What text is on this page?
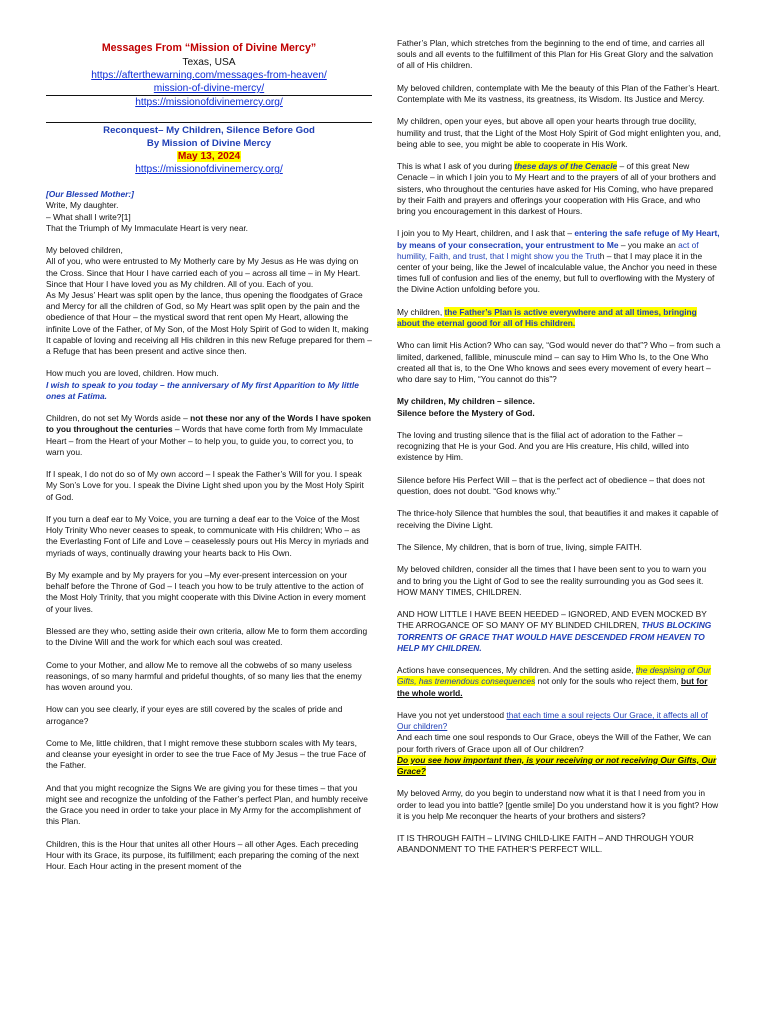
Messages From “Mission of Divine Mercy”
Texas, USA
https://afterthewarning.com/messages-from-heaven/
mission-of-divine-mercy/
https://missionofdivinemercy.org/
Reconquest– My Children, Silence Before God
By Mission of Divine Mercy
May 13, 2024
https://missionofdivinemercy.org/

[Our Blessed Mother:]
Write, My daughter.
– What shall I write?[1]
That the Triumph of My Immaculate Heart is very near.

My beloved children,
All of you, who were entrusted to My Motherly care by My Jesus as He was dying on the Cross. Since that Hour I have carried each of you – across all time – in My Heart. Since that Hour I have loved you as My children. All of you. Each of you.
As My Jesus’ Heart was split open by the lance, thus opening the floodgates of Grace and Mercy for all the children of God, so My Heart was split open by the pain and the obedience of that Hour – the mystical sword that rent open My Heart, allowing the infinite Love of the Father, of My Son, of the Most Holy Spirit of God to widen It, making It capable of loving and receiving all His children in this new Refuge prepared for them – a Refuge that has been present and active since then.

How much you are loved, children. How much.
I wish to speak to you today – the anniversary of My first Apparition to My little ones at Fatima.

Children, do not set My Words aside – not these nor any of the Words I have spoken to you throughout the centuries – Words that have come forth from My Immaculate Heart – from the Heart of your Mother – to help you, to guide you, to correct you, to warn you.

If I speak, I do not do so of My own accord – I speak the Father’s Will for you. I speak My Son’s Love for you. I speak the Divine Light shed upon you by the Most Holy Spirit of God.

If you turn a deaf ear to My Voice, you are turning a deaf ear to the Voice of the Most Holy Trinity Who never ceases to speak, to communicate with His children; Who – as the Everlasting Font of Life and Love – ceaselessly pours out His Mercy in myriads and myriads of ways, continually drawing your hearts back to His Own.

By My example and by My prayers for you –My ever-present intercession on your behalf before the Throne of God – I teach you how to be truly attentive to the action of the Most Holy Trinity, that you might cooperate with this Divine Action in every moment of your lives.

Blessed are they who, setting aside their own criteria, allow Me to form them according to the Divine Will and the work for which each soul was created.

Come to your Mother, and allow Me to remove all the cobwebs of so many useless reasonings, of so many harmful and prideful thoughts, of so many lies that the enemy has woven around you.

How can you see clearly, if your eyes are still covered by the scales of pride and arrogance?

Come to Me, little children, that I might remove these stubborn scales with My tears, and cleanse your eyesight in order to see the true Face of My Jesus – the true Face of the Father.

And that you might recognize the Signs We are giving you for these times – that you might see and recognize the unfolding of the Father’s perfect Plan, and humbly receive the Grace you need in order to take your place in My Army for the accomplishment of this Plan.

Children, this is the Hour that unites all other Hours – all other Ages. Each preceding Hour with its Grace, its purpose, its fulfillment; each preparing the coming of the next Hour. Each Hour acting in the present moment of the

Father’s Plan, which stretches from the beginning to the end of time, and carries all souls and all events to the fulfillment of this Plan for His Great Glory and the salvation of all of His children.

My beloved children, contemplate with Me the beauty of this Plan of the Father’s Heart. Contemplate with Me its vastness, its greatness, its Wisdom. Its Justice and Mercy.

My children, open your eyes, but above all open your hearts through true docility, humility and trust, that the Light of the Most Holy Spirit of God might enlighten you, and, being able to see, you might be able to cooperate in His Work.

This is what I ask of you during these days of the Cenacle – of this great New Cenacle – in which I join you to My Heart and to the prayers of all of your brothers and sisters, who throughout the centuries have asked for His Coming, who have prepared by their Faith and prayers and offerings your cooperation with His Grace, and who bring you encouragement in this darkest of Hours.

I join you to My Heart, children, and I ask that – entering the safe refuge of My Heart, by means of your consecration, your entrustment to Me – you make an act of humility, Faith, and trust, that I might show you the Truth – that I may place it in the center of your being, like the Jewel of incalculable value, the Anchor you need in these times full of confusion and lies of the enemy, but full to overflowing with the Mystery of the Divine Action unfolding before you.

My children, the Father’s Plan is active everywhere and at all times, bringing about the eternal good for all of His children.

Who can limit His Action? Who can say, “God would never do that”? Who – from such a limited, darkened, fallible, minuscule mind – can say to Him Who Is, to the One Who created all that is, to the One Who knows and sees every movement of every heart – who dare say to Him, “You cannot do this”?

My children, My children – silence.
Silence before the Mystery of God.

The loving and trusting silence that is the filial act of adoration to the Father – recognizing that He is your God. And you are His creature, His child, willed into existence by Him.

Silence before His Perfect Will – that is the perfect act of obedience – that does not question, does not doubt. “God knows why.”

The thrice-holy Silence that humbles the soul, that beautifies it and makes it capable of receiving the Divine Light.

The Silence, My children, that is born of true, living, simple FAITH.

My beloved children, consider all the times that I have been sent to you to warn you and to bring you the Light of God to see the reality surrounding you as God sees it. HOW MANY TIMES, CHILDREN.

AND HOW LITTLE I HAVE BEEN HEEDED – IGNORED, AND EVEN MOCKED BY THE ARROGANCE OF SO MANY OF MY BLINDED CHILDREN, THUS BLOCKING TORRENTS OF GRACE THAT WOULD HAVE DESCENDED FROM HEAVEN TO HELP MY CHILDREN.

Actions have consequences, My children. And the setting aside, the despising of Our Gifts, has tremendous consequences not only for the souls who reject them, but for the whole world.

Have you not yet understood that each time a soul rejects Our Grace, it affects all of Our children?
And each time one soul responds to Our Grace, obeys the Will of the Father, We can pour forth rivers of Grace upon all of Our children?
Do you see how important then, is your receiving or not receiving Our Gifts, Our Grace?

My beloved Army, do you begin to understand now what it is that I need from you in order to lead you into battle? [gentle smile] Do you understand how it is you fight? How it is you help Me reconquer the hearts of your brothers and sisters?

IT IS THROUGH FAITH – LIVING CHILD-LIKE FAITH – AND THROUGH YOUR ABANDONMENT TO THE FATHER’S PERFECT WILL.
